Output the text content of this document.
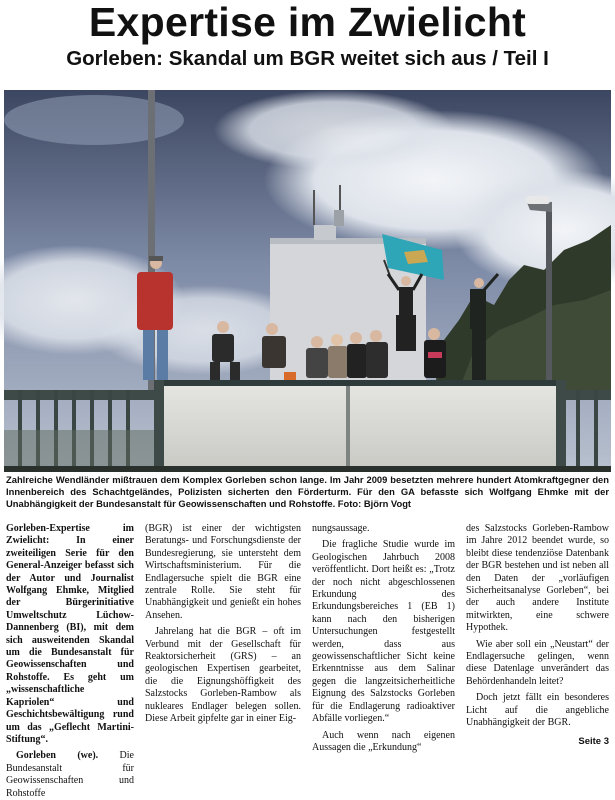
Expertise im Zwielicht
Gorleben: Skandal um BGR weitet sich aus / Teil I

Zahlreiche Wendländer mißtrauen dem Komplex Gorleben schon lange. Im Jahr 2009 besetzten mehrere hundert Atomkraftgegner den Innenbereich des Schachtgeländes, Polizisten sicherten den Förderturm. Für den GA befasste sich Wolfgang Ehmke mit der Unabhängigkeit der Bundesanstalt für Geowissenschaften und Rohstoffe. Foto: Björn Vogt

Gorleben-Expertise im Zwielicht: In einer zweiteiligen Serie für den General-Anzeiger befasst sich der Autor und Journalist Wolfgang Ehmke, Mitglied der Bürgerinitiative Umweltschutz Lüchow-Dannenberg (BI), mit dem sich ausweitenden Skandal um die Bundesanstalt für Geowissenschaften und Rohstoffe. Es geht um „wissenschaftliche Kapriolen“ und Geschichtsbewältigung rund um das „Geflecht Martini-Stiftung“.

Gorleben (we). Die Bundesanstalt für Geowissenschaften und Rohstoffe

(BGR) ist einer der wichtigsten Beratungs- und Forschungsdienste der Bundesregierung, sie untersteht dem Wirtschaftsministerium. Für die Endlagersuche spielt die BGR eine zentrale Rolle. Sie steht für Unabhängigkeit und genießt ein hohes Ansehen.

Jahrelang hat die BGR – oft im Verbund mit der Gesellschaft für Reaktorsicherheit (GRS) – an geologischen Expertisen gearbeitet, die die Eignungshöffigkeit des Salzstocks Gorleben-Rambow als nukleares Endlager belegen sollen. Diese Arbeit gipfelte gar in einer Eig-

nungsaussage.

Die fragliche Studie wurde im Geologischen Jahrbuch 2008 veröffentlicht. Dort heißt es: „Trotz der noch nicht abgeschlossenen Erkundung des Erkundungsbereiches 1 (EB 1) kann nach den bisherigen Untersuchungen festgestellt werden, dass aus geowissenschaftlicher Sicht keine Erkenntnisse aus dem Salinar gegen die langzeitsicherheitliche Eignung des Salzstocks Gorleben für die Endlagerung radioaktiver Abfälle vorliegen.“

Auch wenn nach eigenen Aussagen die „Erkundung“

des Salzstocks Gorleben-Rambow im Jahre 2012 beendet wurde, so bleibt diese tendenziöse Datenbank der BGR bestehen und ist neben all den Daten der „vorläufigen Sicherheitsanalyse Gorleben“, bei der auch andere Institute mitwirkten, eine schwere Hypothek.

Wie aber soll ein „Neustart“ der Endlagersuche gelingen, wenn diese Datenlage unverändert das Behördenhandeln leitet?

Doch jetzt fällt ein besonderes Licht auf die angebliche Unabhängigkeit der BGR.

Seite 3
